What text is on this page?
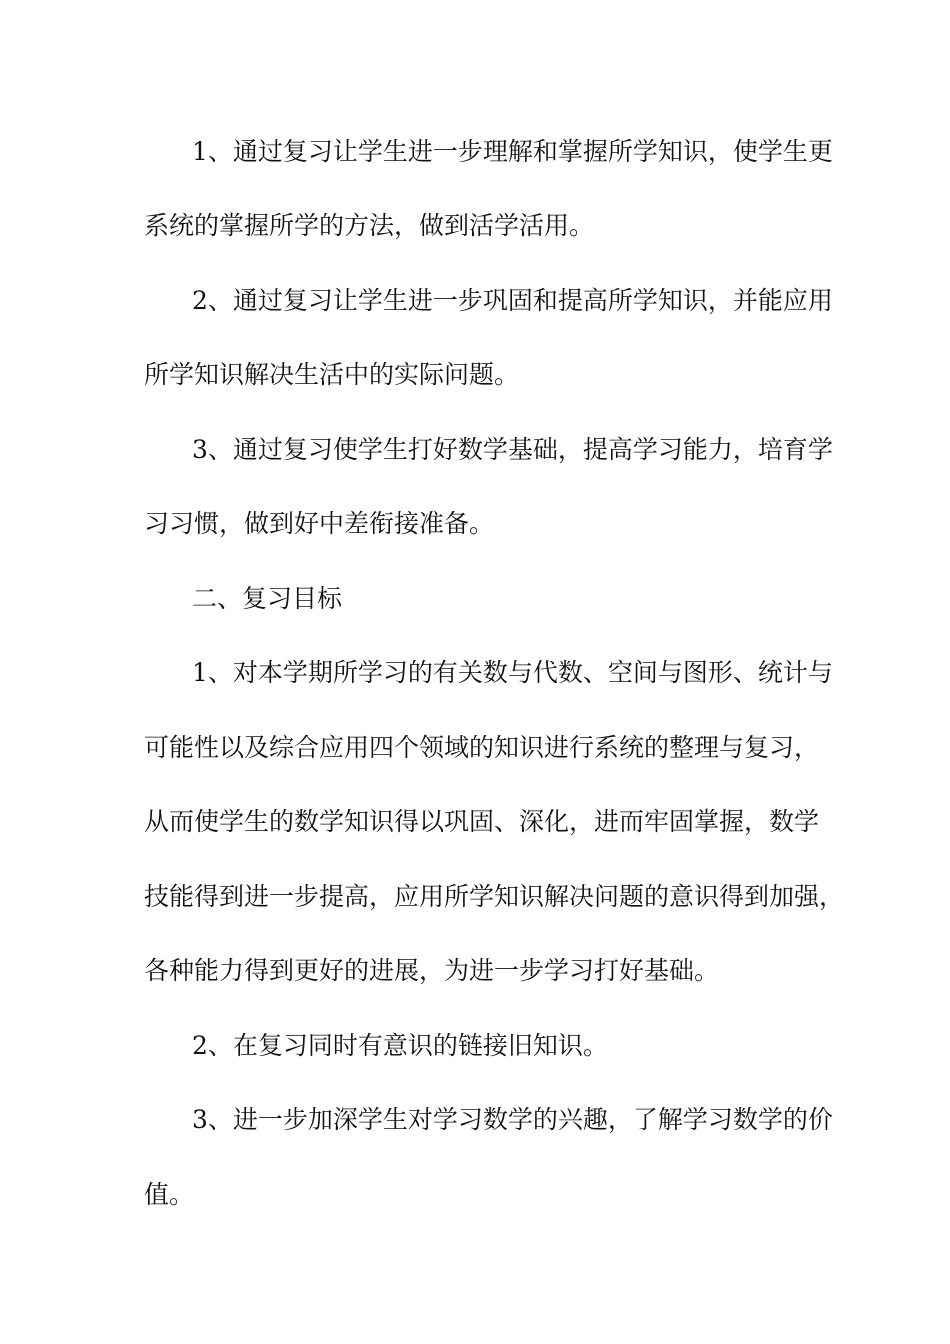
1、通过复习让学生进一步理解和掌握所学知识，使学生更
系统的掌握所学的方法，做到活学活用。
2、通过复习让学生进一步巩固和提高所学知识，并能应用
所学知识解决生活中的实际问题。
3、通过复习使学生打好数学基础，提高学习能力，培育学
习习惯，做到好中差衔接准备。
二、复习目标
1、对本学期所学习的有关数与代数、空间与图形、统计与
可能性以及综合应用四个领域的知识进行系统的整理与复习，
从而使学生的数学知识得以巩固、深化，进而牢固掌握，数学
技能得到进一步提高，应用所学知识解决问题的意识得到加强，
各种能力得到更好的进展，为进一步学习打好基础。
2、在复习同时有意识的链接旧知识。
3、进一步加深学生对学习数学的兴趣，了解学习数学的价
值。
